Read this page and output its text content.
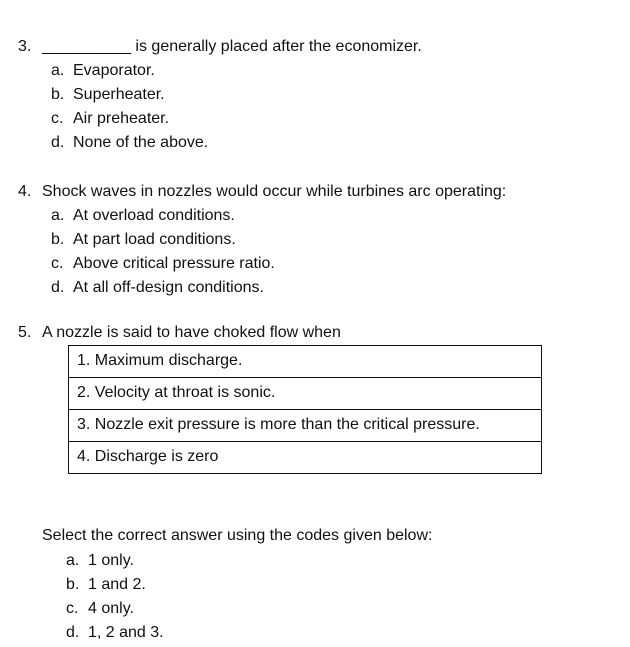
3. __________ is generally placed after the economizer.
a. Evaporator.
b. Superheater.
c. Air preheater.
d. None of the above.
4. Shock waves in nozzles would occur while turbines arc operating:
a. At overload conditions.
b. At part load conditions.
c. Above critical pressure ratio.
d. At all off-design conditions.
5. A nozzle is said to have choked flow when
1. Maximum discharge.
2. Velocity at throat is sonic.
3. Nozzle exit pressure is more than the critical pressure.
4. Discharge is zero
Select the correct answer using the codes given below:
a. 1 only.
b. 1 and 2.
c. 4 only.
d. 1, 2 and 3.
